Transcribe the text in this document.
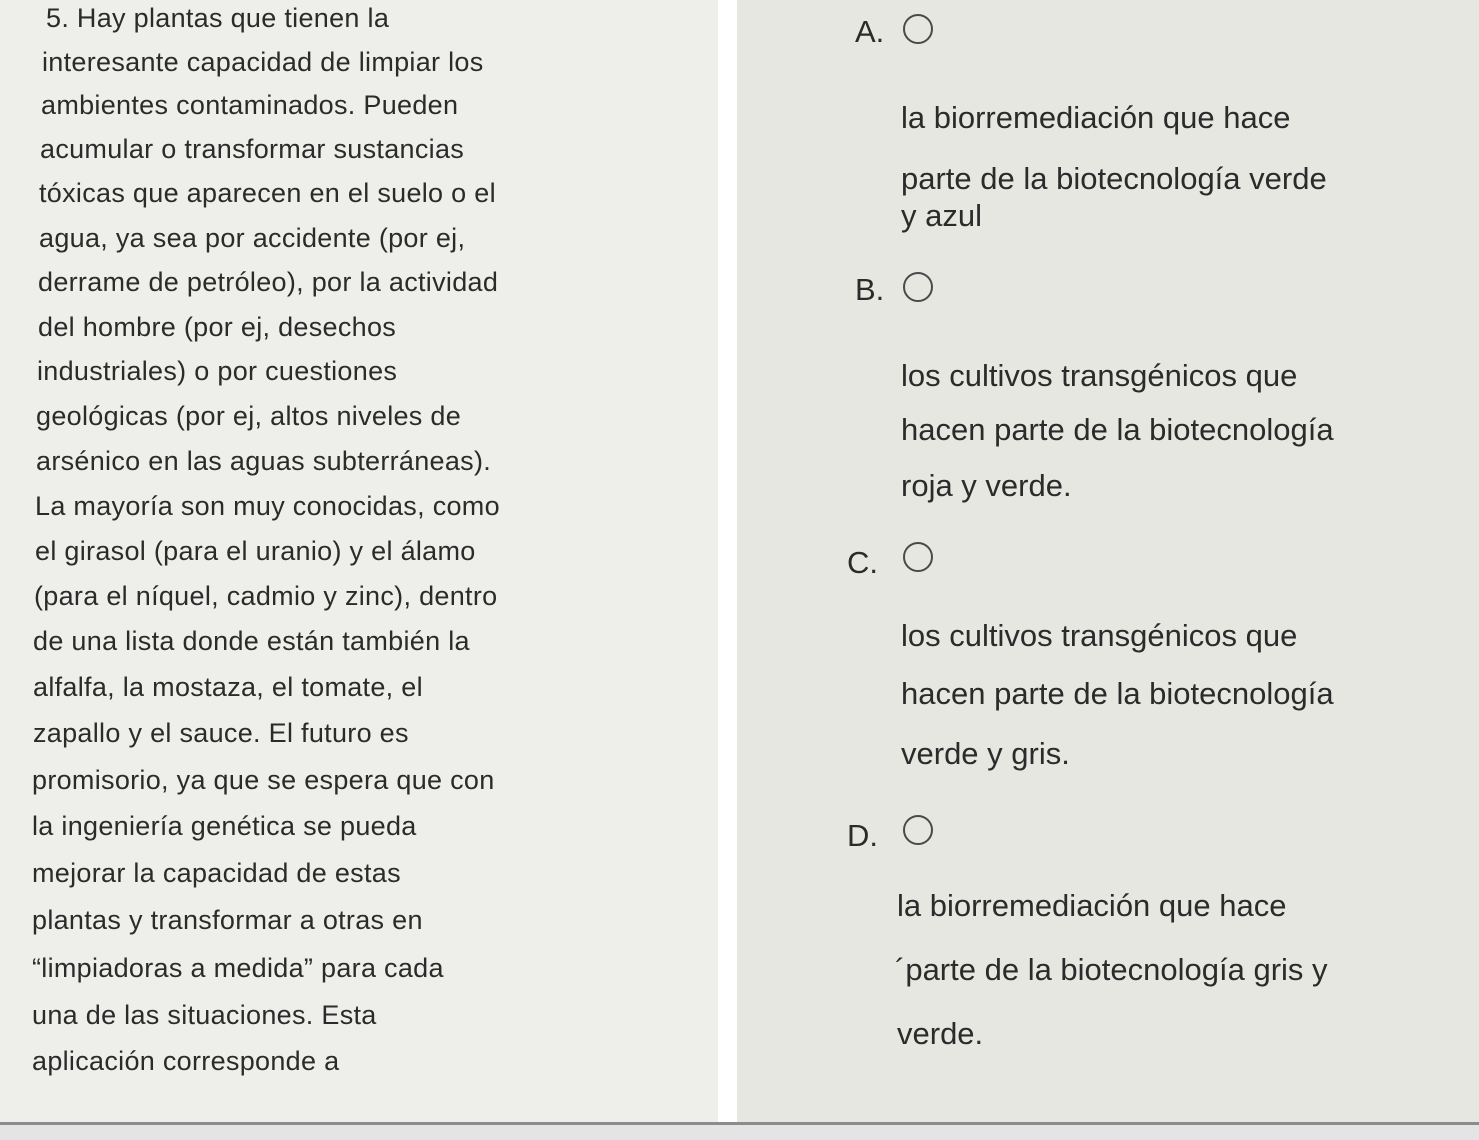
5. Hay plantas que tienen la
interesante capacidad de limpiar los
ambientes contaminados. Pueden
acumular o transformar sustancias
tóxicas que aparecen en el suelo o el
agua, ya sea por accidente (por ej,
derrame de petróleo), por la actividad
del hombre (por ej, desechos
industriales) o por cuestiones
geológicas (por ej, altos niveles de
arsénico en las aguas subterráneas).
La mayoría son muy conocidas, como
el girasol (para el uranio) y el álamo
(para el níquel, cadmio y zinc), dentro
de una lista donde están también la
alfalfa, la mostaza, el tomate, el
zapallo y el sauce. El futuro es
promisorio, ya que se espera que con
la ingeniería genética se pueda
mejorar la capacidad de estas
plantas y transformar a otras en
“limpiadoras a medida” para cada
una de las situaciones. Esta
aplicación corresponde a
A.
la biorremediación que hace
parte de la biotecnología verde
y azul
B.
los cultivos transgénicos que
hacen parte de la biotecnología
roja y verde.
C.
los cultivos transgénicos que
hacen parte de la biotecnología
verde y gris.
D.
la biorremediación que hace
´parte de la biotecnología gris y
verde.
